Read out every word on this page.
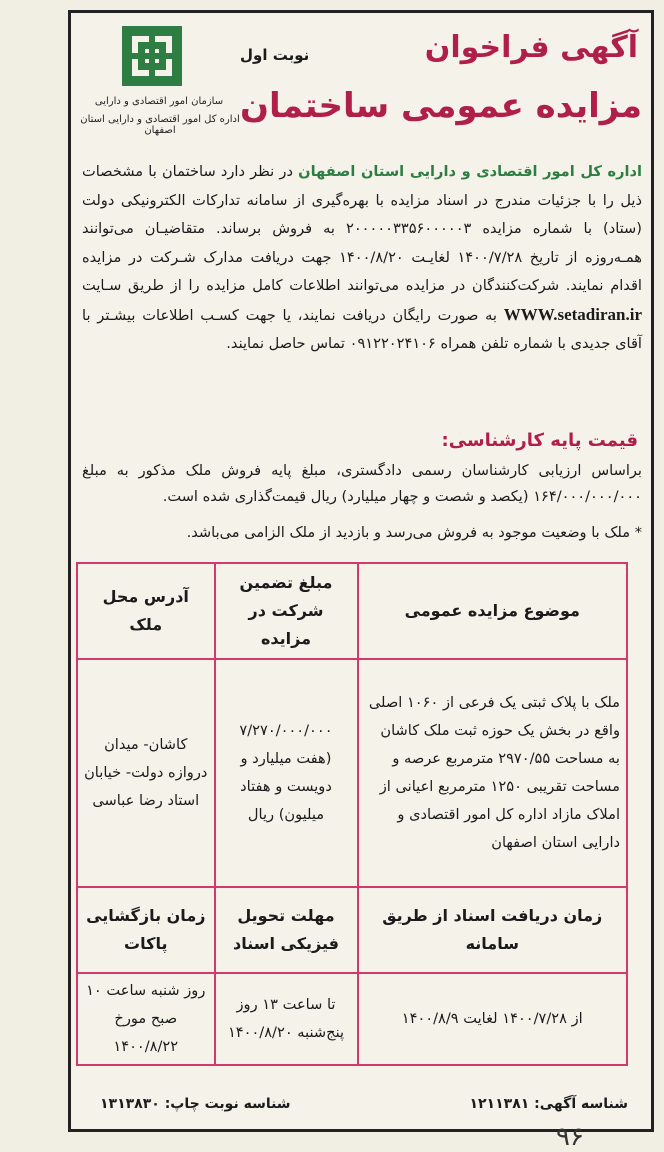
سازمان امور اقتصادی و دارایی
اداره کل امور اقتصادی و دارایی استان اصفهان
نوبت اول	آگهی فراخوان
مزایده عمومی ساختمان
اداره کل امور اقتصادی و دارایی استان اصفهان در نظر دارد ساختمان با مشخصات ذیل را با جزئیات مندرج در اسناد مزایده با بهره‌گیری از سامانه تدارکات الکترونیکی دولت (ستاد) با شماره مزایده ۲۰۰۰۰۰۳۳۵۶۰۰۰۰۰۳ به فروش برساند. متقاضیـان می‌توانند همـه‌روزه از تاریخ ۱۴۰۰/۷/۲۸ لغایـت ۱۴۰۰/۸/۲۰ جهت دریافت مدارک شـرکت در مزایده اقدام نمایند. شرکت‌کنندگان در مزایده می‌توانند اطلاعات کامل مزایده را از طریق سـایت WWW.setadiran.ir به صورت رایگان دریافت نمایند، یا جهت کسـب اطلاعات بیشـتر با آقای جدیدی با شماره تلفن همراه ۰۹۱۲۲۰۲۴۱۰۶ تماس حاصل نمایند.
قیمت پایه کارشناسی:
براساس ارزیابی کارشناسان رسمی دادگستری، مبلغ پایه فروش ملک مذکور به مبلغ ۱۶۴/۰۰۰/۰۰۰/۰۰۰ (یکصد و شصت و چهار میلیارد) ریال قیمت‌گذاری شده است.
* ملک با وضعیت موجود به فروش می‌رسد و بازدید از ملک الزامی می‌باشد.
موضوع مزایده عمومی	مبلغ تضمین شرکت در مزایده	آدرس محل ملک
ملک با پلاک ثبتی یک فرعی از ۱۰۶۰ اصلی واقع در بخش یک حوزه ثبت ملک کاشان به مساحت ۲۹۷۰/۵۵ مترمربع عرصه و مساحت تقریبی ۱۲۵۰ مترمربع اعیانی از املاک مازاد اداره کل امور اقتصادی و دارایی استان اصفهان	۷/۲۷۰/۰۰۰/۰۰۰ (هفت میلیارد و دویست و هفتاد میلیون) ریال	کاشان- میدان دروازه دولت- خیابان استاد رضا عباسی
زمان دریافت اسناد از طریق سامانه	مهلت تحویل فیزیکی اسناد	زمان بازگشایی پاکات
از ۱۴۰۰/۷/۲۸ لغایت ۱۴۰۰/۸/۹	تا ساعت ۱۳ روز پنج‌شنبه ۱۴۰۰/۸/۲۰	روز شنبه ساعت ۱۰ صبح مورخ ۱۴۰۰/۸/۲۲
شناسه نوبت چاپ: ۱۳۱۳۸۳۰	شناسه آگهی: ۱۲۱۱۳۸۱
۹۶
